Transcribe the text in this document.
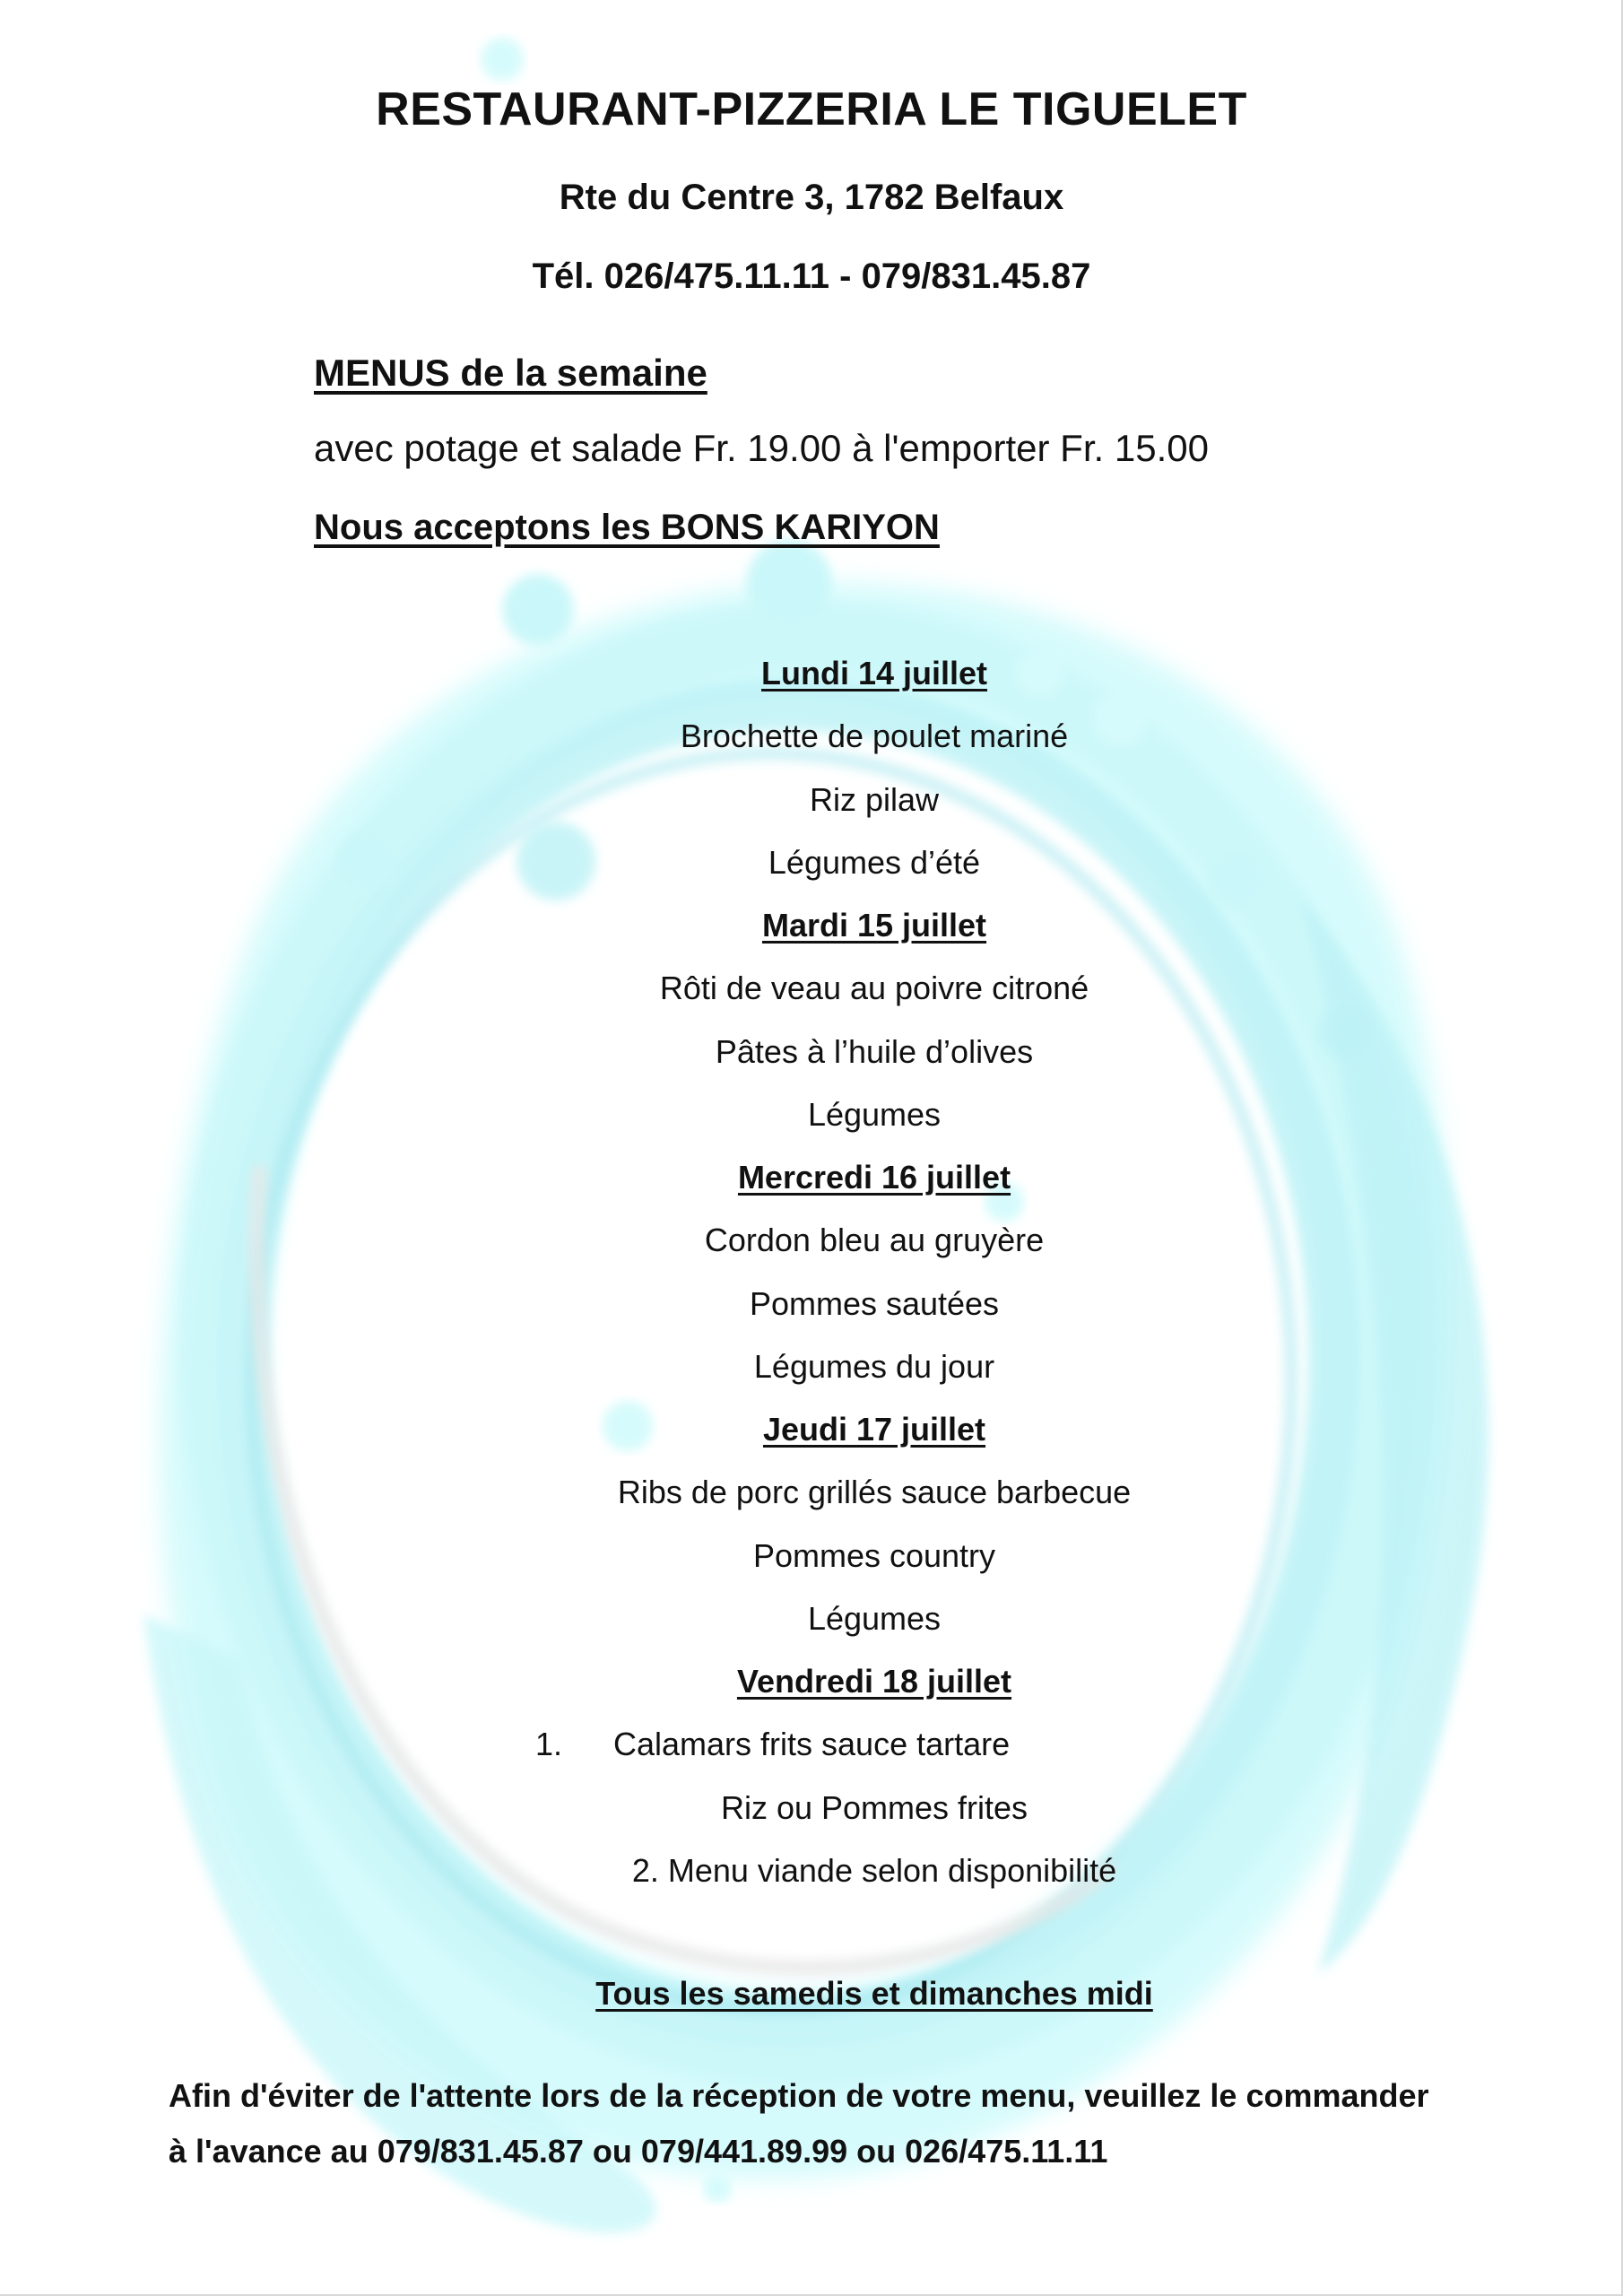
RESTAURANT-PIZZERIA LE TIGUELET
Rte du Centre 3, 1782 Belfaux
Tél. 026/475.11.11 - 079/831.45.87
MENUS de la semaine
avec potage et salade Fr. 19.00 à l'emporter Fr. 15.00
Nous acceptons les BONS KARIYON
Lundi 14 juillet
Brochette de poulet mariné
Riz pilaw
Légumes d’été
Mardi 15 juillet
Rôti de veau au poivre citroné
Pâtes à l’huile d’olives
Légumes
Mercredi 16 juillet
Cordon bleu au gruyère
Pommes sautées
Légumes du jour
Jeudi 17 juillet
Ribs de porc grillés sauce barbecue
Pommes country
Légumes
Vendredi 18 juillet
1. Calamars frits sauce tartare
Riz ou Pommes frites
2. Menu viande selon disponibilité
Tous les samedis et dimanches midi
Afin d'éviter de l'attente lors de la réception de votre menu, veuillez le commander
à l'avance au 079/831.45.87 ou 079/441.89.99 ou 026/475.11.11
